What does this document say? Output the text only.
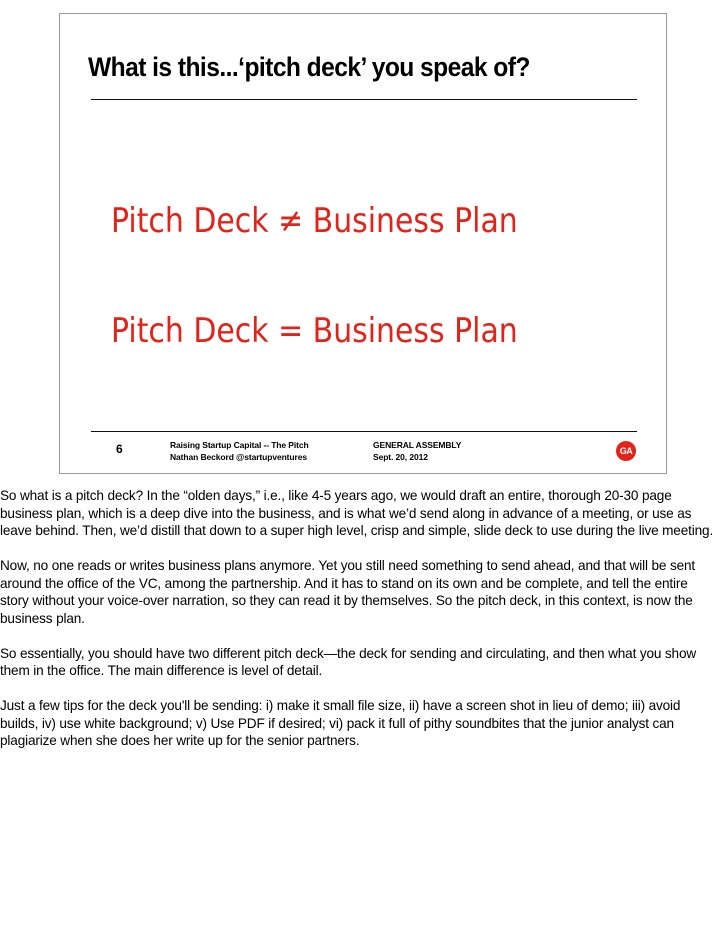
What is this...‘pitch deck’ you speak of?

Pitch Deck ≠ Business Plan

Pitch Deck = Business Plan

6	Raising Startup Capital -- The Pitch
Nathan Beckord @startupventures
GENERAL ASSEMBLY
Sept. 20, 2012
GA

So what is a pitch deck? In the “olden days,” i.e., like 4-5 years ago, we would draft an entire, thorough 20-30 page business plan, which is a deep dive into the business, and is what we’d send along in advance of a meeting, or use as leave behind. Then, we’d distill that down to a super high level, crisp and simple, slide deck to use during the live meeting.

Now, no one reads or writes business plans anymore. Yet you still need something to send ahead, and that will be sent around the office of the VC, among the partnership. And it has to stand on its own and be complete, and tell the entire story without your voice-over narration, so they can read it by themselves. So the pitch deck, in this context, is now the business plan.

So essentially, you should have two different pitch deck—the deck for sending and circulating, and then what you show them in the office. The main difference is level of detail.

Just a few tips for the deck you'll be sending: i) make it small file size, ii) have a screen shot in lieu of demo; iii) avoid builds, iv) use white background; v) Use PDF if desired; vi) pack it full of pithy soundbites that the junior analyst can plagiarize when she does her write up for the senior partners.
